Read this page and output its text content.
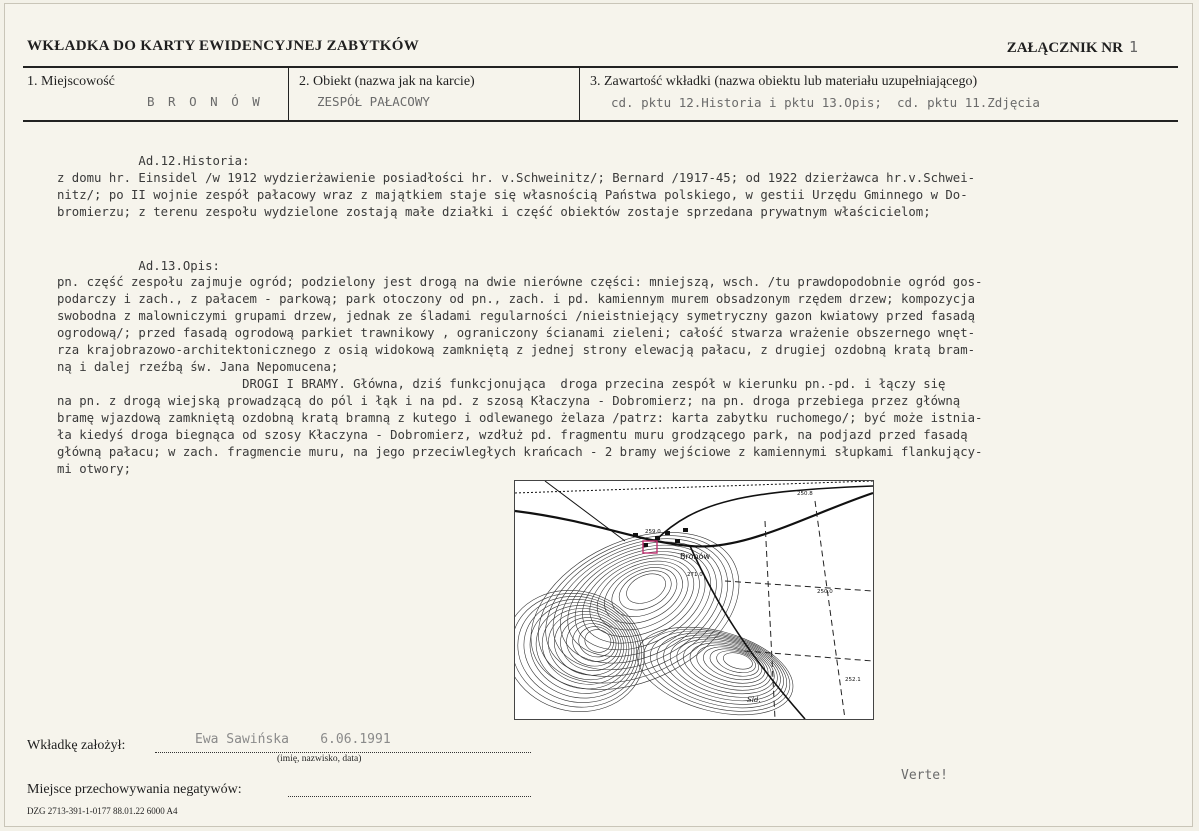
WKŁADKA DO KARTY EWIDENCYJNEJ ZABYTKÓW	ZAŁĄCZNIK NR 1
1. Miejscowość
B R O N Ó W
2. Obiekt (nazwa jak na karcie)
ZESPÓŁ PAŁACOWY
3. Zawartość wkładki (nazwa obiektu lub materiału uzupełniającego)
cd. pktu 12.Historia i pktu 13.Opis;  cd. pktu 11.Zdjęcia
Ad.12.Historia:
z domu hr. Einsidel /w 1912 wydzierżawienie posiadłości hr. v.Schweinitz/; Bernard /1917-45; od 1922 dzierżawca hr.v.Schwei-
nitz/; po II wojnie zespół pałacowy wraz z majątkiem staje się własnością Państwa polskiego, w gestii Urzędu Gminnego w Do-
bromierzu; z terenu zespołu wydzielone zostają małe działki i część obiektów zostaje sprzedana prywatnym właścicielom;
Ad.13.Opis:
pn. część zespołu zajmuje ogród; podzielony jest drogą na dwie nierówne części: mniejszą, wsch. /tu prawdopodobnie ogród gos-
podarczy i zach., z pałacem - parkową; park otoczony od pn., zach. i pd. kamiennym murem obsadzonym rzędem drzew; kompozycja
swobodna z malowniczymi grupami drzew, jednak ze śladami regularności /nieistniejący symetryczny gazon kwiatowy przed fasadą
ogrodową/; przed fasadą ogrodową parkiet trawnikowy , ograniczony ścianami zieleni; całość stwarza wrażenie obszernego wnęt-
rza krajobrazowo-architektonicznego z osią widokową zamkniętą z jednej strony elewacją pałacu, z drugiej ozdobną kratą bram-
ną i dalej rzeźbą św. Jana Nepomucena;
DROGI I BRAMY. Główna, dziś funkcjonująca  droga przecina zespół w kierunku pn.-pd. i łączy się
na pn. z drogą wiejską prowadzącą do pól i łąk i na pd. z szosą Kłaczyna - Dobromierz; na pn. droga przebiega przez główną
bramę wjazdową zamkniętą ozdobną kratą bramną z kutego i odlewanego żelaza /patrz: karta zabytku ruchomego/; być może istnia-
ła kiedyś droga biegnąca od szosy Kłaczyna - Dobromierz, wzdłuż pd. fragmentu muru grodzącego park, na podjazd przed fasadą
główną pałacu; w zach. fragmencie muru, na jego przeciwległych krańcach - 2 bramy wejściowe z kamiennymi słupkami flankujący-
mi otwory;
Bronów
259.0
250.8
271.0
250.0
252.1
Sld.
Wkładkę założył:	Ewa Sawińska    6.06.1991
(imię, nazwisko, data)
Miejsce przechowywania negatywów:
Verte!
DZG 2713-391-1-0177 88.01.22 6000 A4
